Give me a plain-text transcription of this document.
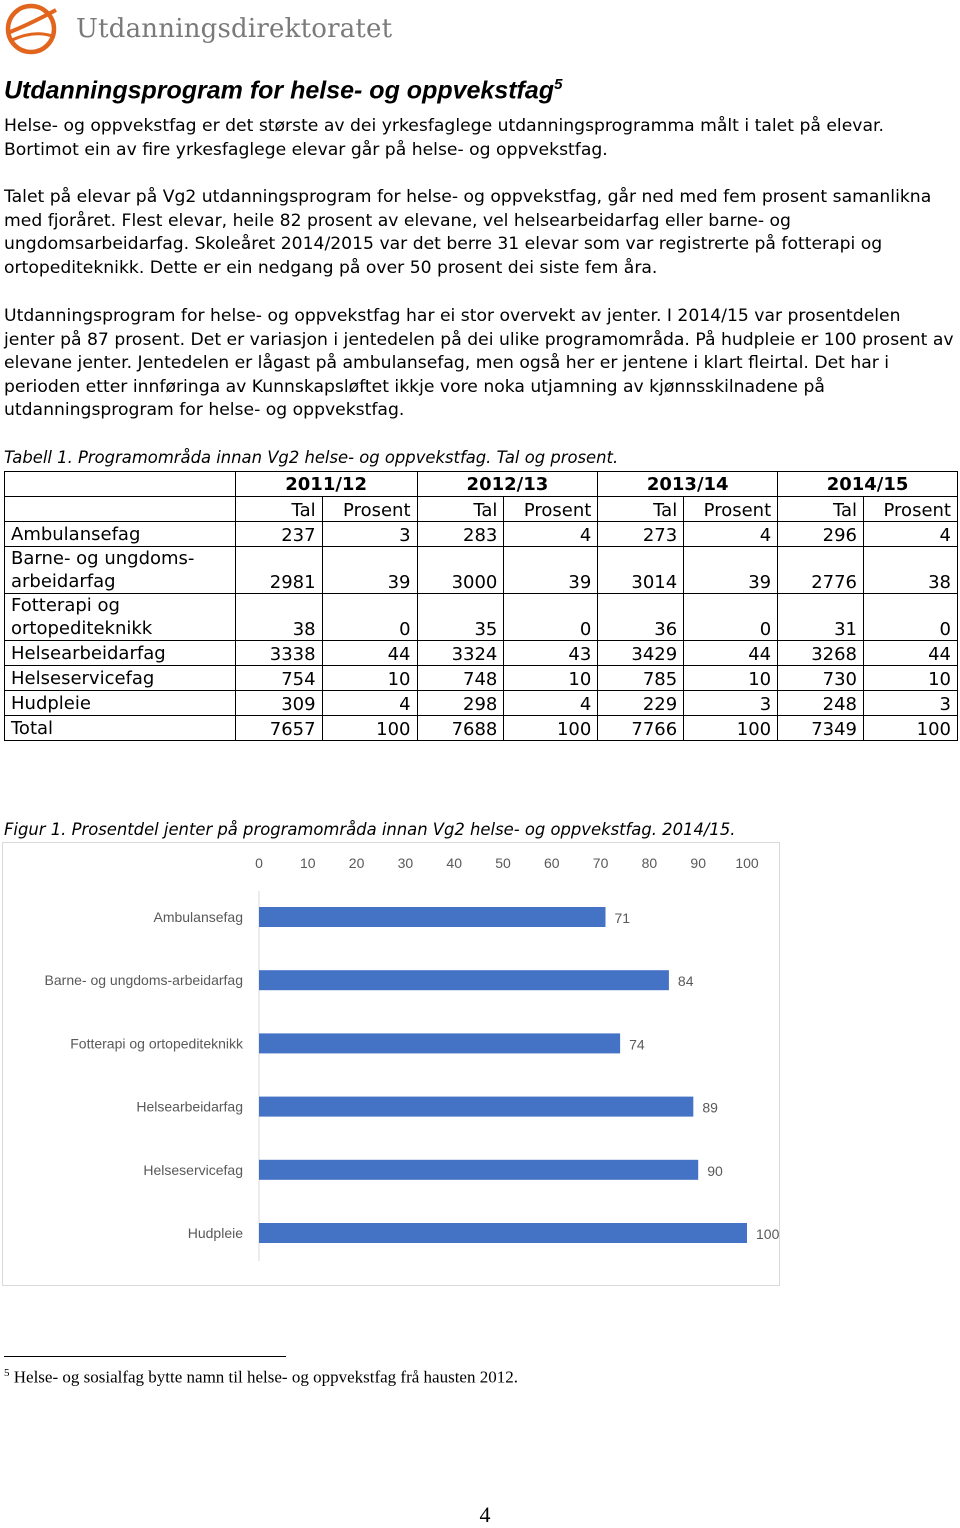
Utdanningsdirektoratet
Utdanningsprogram for helse- og oppvekstfag$^5$

Helse- og oppvekstfag er det største av dei yrkesfaglege utdanningsprogramma målt i talet på elevar. Bortimot ein av fire yrkesfaglege elevar går på helse- og oppvekstfag.

Talet på elevar på Vg2 utdanningsprogram for helse- og oppvekstfag, går ned med fem prosent samanlikna med fjoråret. Flest elevar, heile 82 prosent av elevane, vel helsearbeidarfag eller barne- og ungdomsarbeidarfag. Skoleåret 2014/2015 var det berre 31 elevar som var registrerte på fotterapi og ortopediteknikk. Dette er ein nedgang på over 50 prosent dei siste fem åra.

Utdanningsprogram for helse- og oppvekstfag har ei stor overvekt av jenter. I 2014/15 var prosentdelen jenter på 87 prosent. Det er variasjon i jentedelen på dei ulike programområda. På hudpleie er 100 prosent av elevane jenter. Jentedelen er lågast på ambulansefag, men også her er jentene i klart fleirtal. Det har i perioden etter innføringa av Kunnskapsløftet ikkje vore noka utjamning av kjønnsskilnadene på utdanningsprogram for helse- og oppvekstfag.

Tabell 1. Programområda innan Vg2 helse- og oppvekstfag. Tal og prosent.
	2011/12		2012/13		2013/14		2014/15	
	Tal	Prosent	Tal	Prosent	Tal	Prosent	Tal	Prosent

Ambulansefag	237	3	283	4	273	4	296	4

Barne- og ungdoms-
arbeidarfag	2981	39	3000	39	3014	39	2776	38

Fotterapi og
ortopediteknikk	38	0	35	0	36	0	31	0

Helsearbeidarfag	3338	44	3324	43	3429	44	3268	44

Helseservicefag	754	10	748	10	785	10	730	10

Hudpleie	309	4	298	4	229	3	248	3

Total	7657	100	7688	100	7766	100	7349	100
Figur 1. Prosentdel jenter på programområda innan Vg2 helse- og oppvekstfag. 2014/15.
0	10 20 30 40 50 60 70 80 90 100
Ambulansefag	71
Barne- og ungdoms-arbeidarfag	84
Fotterapi og ortopediteknikk	74
Helsearbeidarfag	89
Helseservicefag	90
Hudpleie	100
$^5$ Helse- og sosialfag bytte namn til helse- og oppvekstfag frå hausten 2012.
4
